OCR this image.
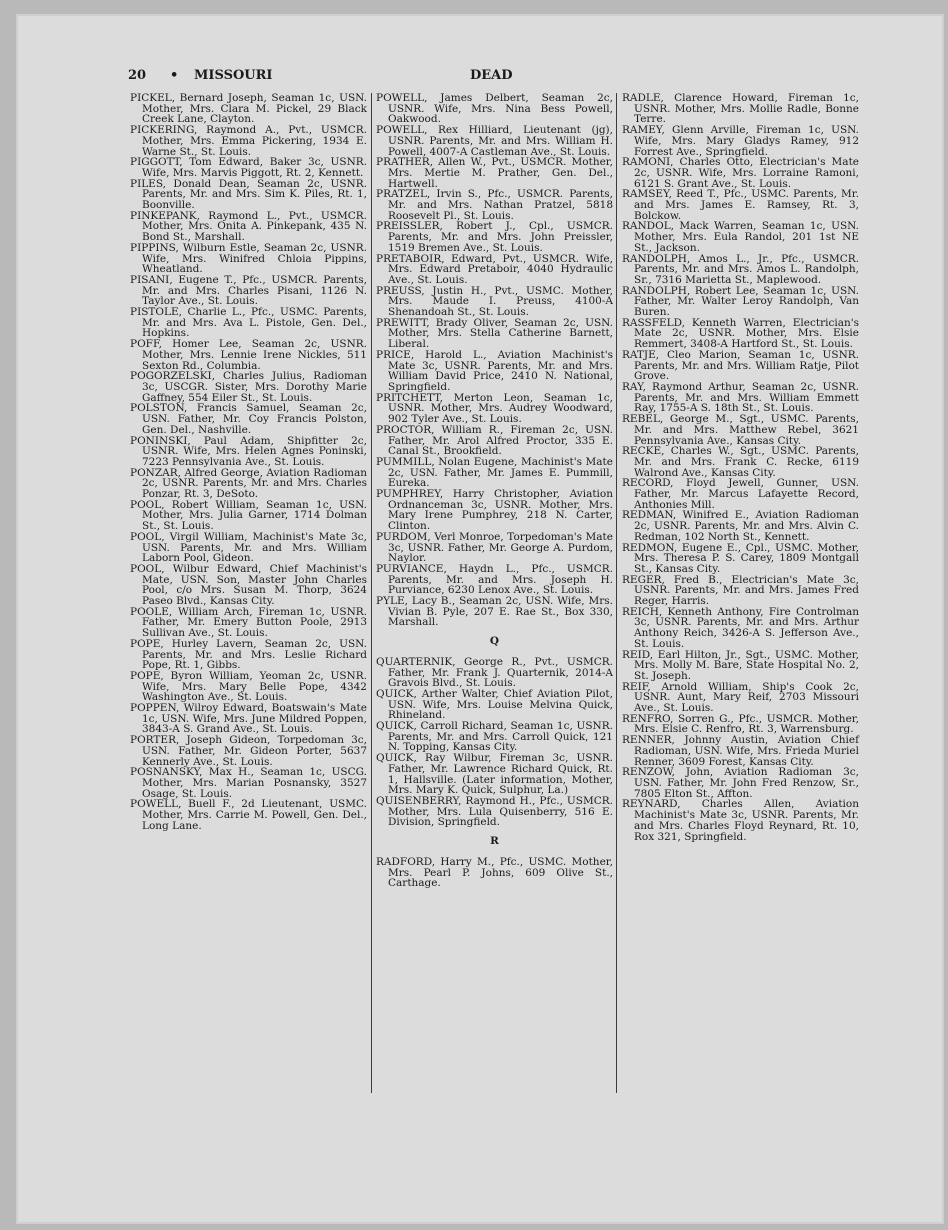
20 • MISSOURI	DEAD
PICKEL, Bernard Joseph, Seaman 1c, USN. Mother, Mrs. Clara M. Pickel, 29 Black Creek Lane, Clayton.
PICKERING, Raymond A., Pvt., USMCR. Mother, Mrs. Emma Pickering, 1934 E. Warne St., St. Louis.
PIGGOTT, Tom Edward, Baker 3c, USNR. Wife, Mrs. Marvis Piggott, Rt. 2, Kennett.
PILES, Donald Dean, Seaman 2c, USNR. Parents, Mr. and Mrs. Sim K. Piles, Rt. 1, Boonville.
PINKEPANK, Raymond L., Pvt., USMCR. Mother, Mrs. Onita A. Pinkepank, 435 N. Bond St., Marshall.
PIPPINS, Wilburn Estle, Seaman 2c, USNR. Wife, Mrs. Winifred Chloia Pippins, Wheatland.
PISANI, Eugene T., Pfc., USMCR. Parents, Mr. and Mrs. Charles Pisani, 1126 N. Taylor Ave., St. Louis.
PISTOLE, Charlie L., Pfc., USMC. Parents, Mr. and Mrs. Ava L. Pistole, Gen. Del., Hopkins.
POFF, Homer Lee, Seaman 2c, USNR. Mother, Mrs. Lennie Irene Nickles, 511 Sexton Rd., Columbia.
POGORZELSKI, Charles Julius, Radioman 3c, USCGR. Sister, Mrs. Dorothy Marie Gaffney, 554 Eiler St., St. Louis.
POLSTON, Francis Samuel, Seaman 2c, USN. Father, Mr. Coy Francis Polston, Gen. Del., Nashville.
PONINSKI, Paul Adam, Shipfitter 2c, USNR. Wife, Mrs. Helen Agnes Poninski, 7223 Pennsylvania Ave., St. Louis.
PONZAR, Alfred George, Aviation Radioman 2c, USNR. Parents, Mr. and Mrs. Charles Ponzar, Rt. 3, DeSoto.
POOL, Robert William, Seaman 1c, USN. Mother, Mrs. Julia Garner, 1714 Dolman St., St. Louis.
POOL, Virgil William, Machinist's Mate 3c, USN. Parents, Mr. and Mrs. William Laborn Pool, Gideon.
POOL, Wilbur Edward, Chief Machinist's Mate, USN. Son, Master John Charles Pool, c/o Mrs. Susan M. Thorp, 3624 Paseo Blvd., Kansas City.
POOLE, William Arch, Fireman 1c, USNR. Father, Mr. Emery Button Poole, 2913 Sullivan Ave., St. Louis.
POPE, Hurley Lavern, Seaman 2c, USN. Parents, Mr. and Mrs. Leslie Richard Pope, Rt. 1, Gibbs.
POPE, Byron William, Yeoman 2c, USNR. Wife, Mrs. Mary Belle Pope, 4342 Washington Ave., St. Louis.
POPPEN, Wilroy Edward, Boatswain's Mate 1c, USN. Wife, Mrs. June Mildred Poppen, 3843-A S. Grand Ave., St. Louis.
PORTER, Joseph Gideon, Torpedoman 3c, USN. Father, Mr. Gideon Porter, 5637 Kennerly Ave., St. Louis.
POSNANSKY, Max H., Seaman 1c, USCG. Mother, Mrs. Marian Posnansky, 3527 Osage, St. Louis.
POWELL, Buell F., 2d Lieutenant, USMC. Mother, Mrs. Carrie M. Powell, Gen. Del., Long Lane.
POWELL, James Delbert, Seaman 2c, USNR. Wife, Mrs. Nina Bess Powell, Oakwood.
POWELL, Rex Hilliard, Lieutenant (jg), USNR. Parents, Mr. and Mrs. William H. Powell, 4007-A Castleman Ave., St. Louis.
PRATHER, Allen W., Pvt., USMCR. Mother, Mrs. Mertie M. Prather, Gen. Del., Hartwell.
PRATZEL, Irvin S., Pfc., USMCR. Parents, Mr. and Mrs. Nathan Pratzel, 5818 Roosevelt Pl., St. Louis.
PREISSLER, Robert J., Cpl., USMCR. Parents, Mr. and Mrs. John Preissler, 1519 Bremen Ave., St. Louis.
PRETABOIR, Edward, Pvt., USMCR. Wife, Mrs. Edward Pretaboir, 4040 Hydraulic Ave., St. Louis.
PREUSS, Justin H., Pvt., USMC. Mother, Mrs. Maude I. Preuss, 4100-A Shenandoah St., St. Louis.
PREWITT, Brady Oliver, Seaman 2c, USN. Mother, Mrs. Stella Catherine Barnett, Liberal.
PRICE, Harold L., Aviation Machinist's Mate 3c, USNR. Parents, Mr. and Mrs. William David Price, 2410 N. National, Springfield.
PRITCHETT, Merton Leon, Seaman 1c, USNR. Mother, Mrs. Audrey Woodward, 902 Tyler Ave., St. Louis.
PROCTOR, William R., Fireman 2c, USN. Father, Mr. Arol Alfred Proctor, 335 E. Canal St., Brookfield.
PUMMILL, Nolan Eugene, Machinist's Mate 2c, USN. Father, Mr. James E. Pummill, Eureka.
PUMPHREY, Harry Christopher, Aviation Ordnanceman 3c, USNR. Mother, Mrs. Mary Irene Pumphrey, 218 N. Carter, Clinton.
PURDOM, Verl Monroe, Torpedoman's Mate 3c, USNR. Father, Mr. George A. Purdom, Naylor.
PURVIANCE, Haydn L., Pfc., USMCR. Parents, Mr. and Mrs. Joseph H. Purviance, 6230 Lenox Ave., St. Louis.
PYLE, Lacy B., Seaman 2c, USN. Wife, Mrs. Vivian B. Pyle, 207 E. Rae St., Box 330, Marshall.
Q
QUARTERNIK, George R., Pvt., USMCR. Father, Mr. Frank J. Quarternik, 2014-A Gravois Blvd., St. Louis.
QUICK, Arther Walter, Chief Aviation Pilot, USN. Wife, Mrs. Louise Melvina Quick, Rhineland.
QUICK, Carroll Richard, Seaman 1c, USNR. Parents, Mr. and Mrs. Carroll Quick, 121 N. Topping, Kansas City.
QUICK, Ray Wilbur, Fireman 3c, USNR. Father, Mr. Lawrence Richard Quick, Rt. 1, Hallsville. (Later information, Mother, Mrs. Mary K. Quick, Sulphur, La.)
QUISENBERRY, Raymond H., Pfc., USMCR. Mother, Mrs. Lula Quisenberry, 516 E. Division, Springfield.
R
RADFORD, Harry M., Pfc., USMC. Mother, Mrs. Pearl P. Johns, 609 Olive St., Carthage.
RADLE, Clarence Howard, Fireman 1c, USNR. Mother, Mrs. Mollie Radle, Bonne Terre.
RAMEY, Glenn Arville, Fireman 1c, USN. Wife, Mrs. Mary Gladys Ramey, 912 Forrest Ave., Springfield.
RAMONI, Charles Otto, Electrician's Mate 2c, USNR. Wife, Mrs. Lorraine Ramoni, 6121 S. Grant Ave., St. Louis.
RAMSEY, Reed T., Pfc., USMC. Parents, Mr. and Mrs. James E. Ramsey, Rt. 3, Bolckow.
RANDOL, Mack Warren, Seaman 1c, USN. Mother, Mrs. Eula Randol, 201 1st NE St., Jackson.
RANDOLPH, Amos L., Jr., Pfc., USMCR. Parents, Mr. and Mrs. Amos L. Randolph, Sr., 7316 Marietta St., Maplewood.
RANDOLPH, Robert Lee, Seaman 1c, USN. Father, Mr. Walter Leroy Randolph, Van Buren.
RASSFELD, Kenneth Warren, Electrician's Mate 2c, USNR. Mother, Mrs. Elsie Remmert, 3408-A Hartford St., St. Louis.
RATJE, Cleo Marion, Seaman 1c, USNR. Parents, Mr. and Mrs. William Ratje, Pilot Grove.
RAY, Raymond Arthur, Seaman 2c, USNR. Parents, Mr. and Mrs. William Emmett Ray, 1755-A S. 18th St., St. Louis.
REBEL, George M., Sgt., USMC. Parents, Mr. and Mrs. Matthew Rebel, 3621 Pennsylvania Ave., Kansas City.
RECKE, Charles W., Sgt., USMC. Parents, Mr. and Mrs. Frank C. Recke, 6119 Walrond Ave., Kansas City.
RECORD, Floyd Jewell, Gunner, USN. Father, Mr. Marcus Lafayette Record, Anthonies Mill.
REDMAN, Winifred E., Aviation Radioman 2c, USNR. Parents, Mr. and Mrs. Alvin C. Redman, 102 North St., Kennett.
REDMON, Eugene E., Cpl., USMC. Mother, Mrs. Theresa P. S. Carey, 1809 Montgall St., Kansas City.
REGER, Fred B., Electrician's Mate 3c, USNR. Parents, Mr. and Mrs. James Fred Reger, Harris.
REICH, Kenneth Anthony, Fire Controlman 3c, USNR. Parents, Mr. and Mrs. Arthur Anthony Reich, 3426-A S. Jefferson Ave., St. Louis.
REID, Earl Hilton, Jr., Sgt., USMC. Mother, Mrs. Molly M. Bare, State Hospital No. 2, St. Joseph.
REIF, Arnold William, Ship's Cook 2c, USNR. Aunt, Mary Reif, 2703 Missouri Ave., St. Louis.
RENFRO, Sorren G., Pfc., USMCR. Mother, Mrs. Elsie C. Renfro, Rt. 3, Warrensburg.
RENNER, Johnny Austin, Aviation Chief Radioman, USN. Wife, Mrs. Frieda Muriel Renner, 3609 Forest, Kansas City.
RENZOW, John, Aviation Radioman 3c, USN. Father, Mr. John Fred Renzow, Sr., 7805 Elton St., Affton.
REYNARD, Charles Allen, Aviation Machinist's Mate 3c, USNR. Parents, Mr. and Mrs. Charles Floyd Reynard, Rt. 10, Rox 321, Springfield.
